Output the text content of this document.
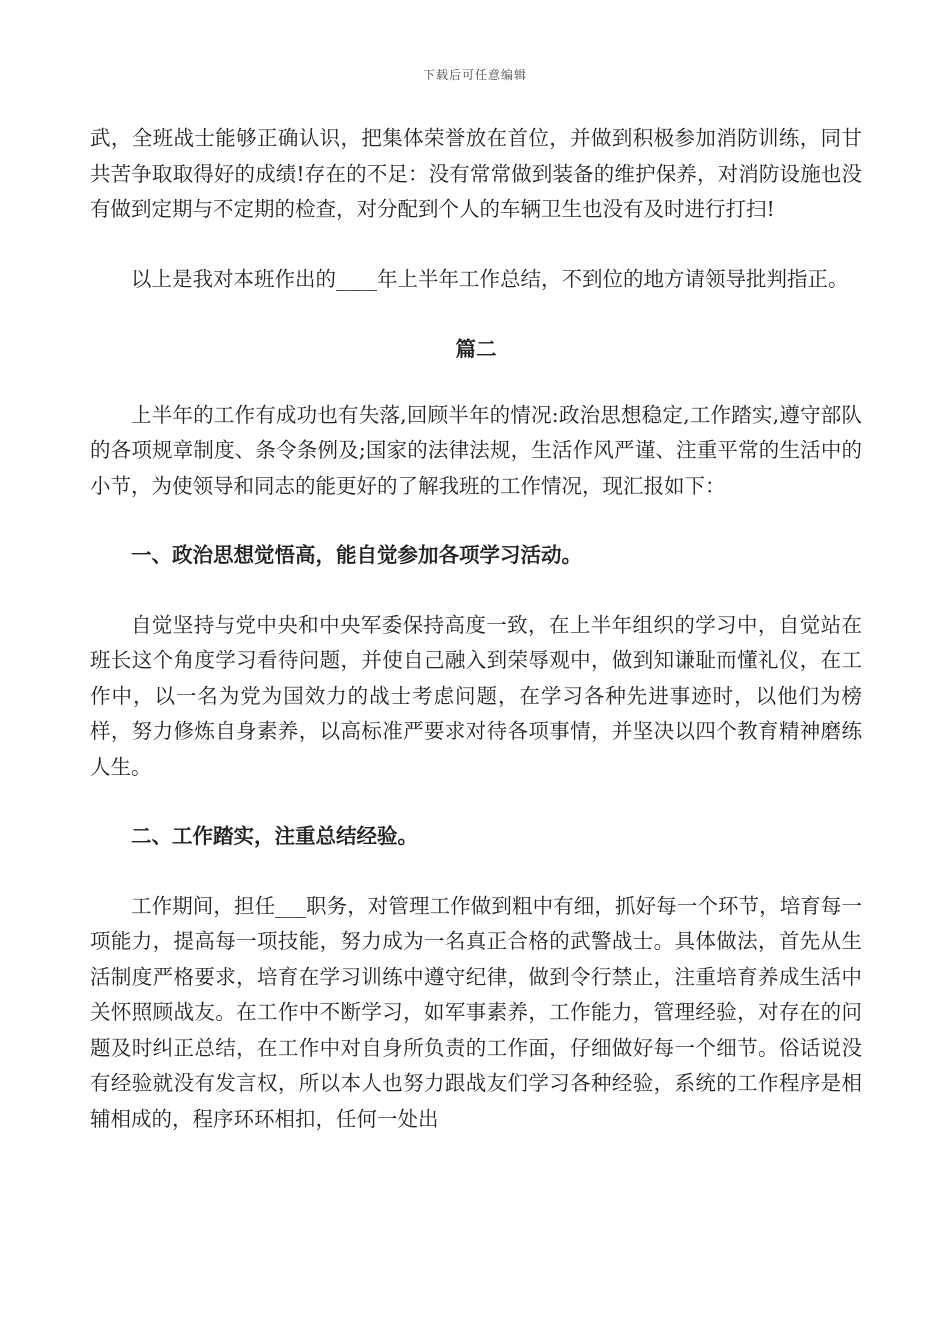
下载后可任意编辑

武，全班战士能够正确认识，把集体荣誉放在首位，并做到积极参加消防训练，同甘共苦争取取得好的成绩!存在的不足：没有常常做到装备的维护保养，对消防设施也没有做到定期与不定期的检查，对分配到个人的车辆卫生也没有及时进行打扫!

以上是我对本班作出的____年上半年工作总结，不到位的地方请领导批判指正。

篇二

上半年的工作有成功也有失落,回顾半年的情况:政治思想稳定,工作踏实,遵守部队的各项规章制度、条令条例及;国家的法律法规，生活作风严谨、注重平常的生活中的小节，为使领导和同志的能更好的了解我班的工作情况，现汇报如下：

一、政治思想觉悟高，能自觉参加各项学习活动。

自觉坚持与党中央和中央军委保持高度一致，在上半年组织的学习中，自觉站在班长这个角度学习看待问题，并使自己融入到荣辱观中，做到知谦耻而懂礼仪，在工作中，以一名为党为国效力的战士考虑问题，在学习各种先进事迹时，以他们为榜样，努力修炼自身素养，以高标准严要求对待各项事情，并坚决以四个教育精神磨练人生。

二、工作踏实，注重总结经验。

工作期间，担任___职务，对管理工作做到粗中有细，抓好每一个环节，培育每一项能力，提高每一项技能，努力成为一名真正合格的武警战士。具体做法，首先从生活制度严格要求，培育在学习训练中遵守纪律，做到令行禁止，注重培育养成生活中关怀照顾战友。在工作中不断学习，如军事素养，工作能力，管理经验，对存在的问题及时纠正总结，在工作中对自身所负责的工作面，仔细做好每一个细节。俗话说没有经验就没有发言权，所以本人也努力跟战友们学习各种经验，系统的工作程序是相辅相成的，程序环环相扣，任何一处出
